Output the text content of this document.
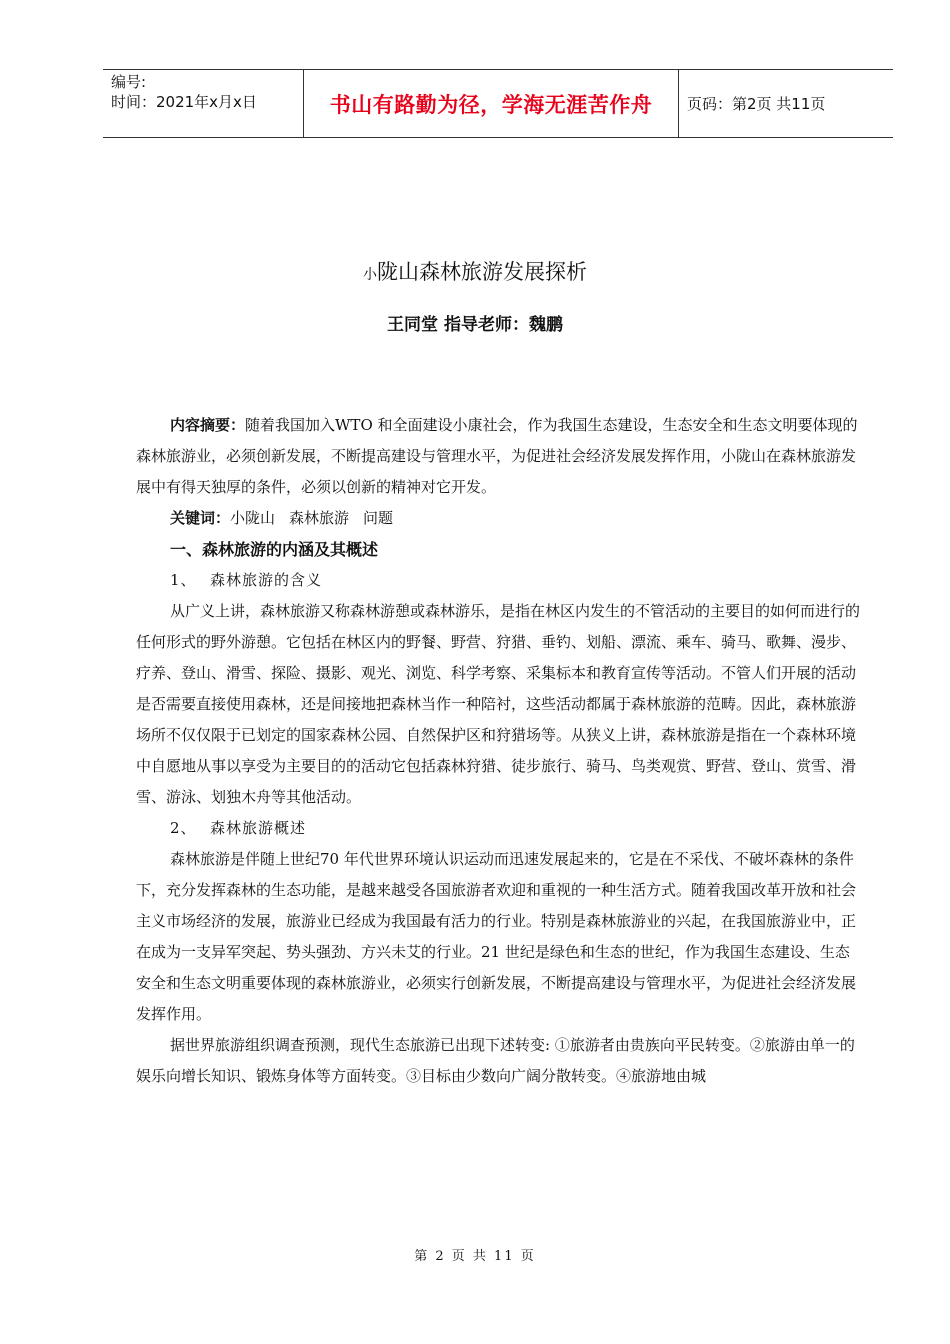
编号:
时间：2021年x月x日	书山有路勤为径，学海无涯苦作舟	页码：第2页 共11页
小陇山森林旅游发展探析
王同堂 指导老师：魏鹏

内容摘要：随着我国加入WTO 和全面建设小康社会，作为我国生态建设，生态安全和生态文明要体现的森林旅游业，必须创新发展，不断提高建设与管理水平，为促进社会经济发展发挥作用，小陇山在森林旅游发展中有得天独厚的条件，必须以创新的精神对它开发。

关键词：小陇山 森林旅游 问题

一、森林旅游的内涵及其概述

1、 森林旅游的含义

从广义上讲，森林旅游又称森林游憩或森林游乐，是指在林区内发生的不管活动的主要目的如何而进行的任何形式的野外游憩。它包括在林区内的野餐、野营、狩猎、垂钓、划船、漂流、乘车、骑马、歌舞、漫步、疗养、登山、滑雪、探险、摄影、观光、浏览、科学考察、采集标本和教育宣传等活动。不管人们开展的活动是否需要直接使用森林，还是间接地把森林当作一种陪衬，这些活动都属于森林旅游的范畴。因此，森林旅游场所不仅仅限于已划定的国家森林公园、自然保护区和狩猎场等。从狭义上讲，森林旅游是指在一个森林环境中自愿地从事以享受为主要目的的活动它包括森林狩猎、徒步旅行、骑马、鸟类观赏、野营、登山、赏雪、滑雪、游泳、划独木舟等其他活动。

2、 森林旅游概述

森林旅游是伴随上世纪70 年代世界环境认识运动而迅速发展起来的，它是在不采伐、不破坏森林的条件下，充分发挥森林的生态功能，是越来越受各国旅游者欢迎和重视的一种生活方式。随着我国改革开放和社会主义市场经济的发展，旅游业已经成为我国最有活力的行业。特别是森林旅游业的兴起，在我国旅游业中，正在成为一支异军突起、势头强劲、方兴未艾的行业。21 世纪是绿色和生态的世纪，作为我国生态建设、生态安全和生态文明重要体现的森林旅游业，必须实行创新发展，不断提高建设与管理水平，为促进社会经济发展发挥作用。

据世界旅游组织调查预测，现代生态旅游已出现下述转变: ①旅游者由贵族向平民转变。②旅游由单一的娱乐向增长知识、锻炼身体等方面转变。③目标由少数向广阔分散转变。④旅游地由城

第 2 页 共 11 页
